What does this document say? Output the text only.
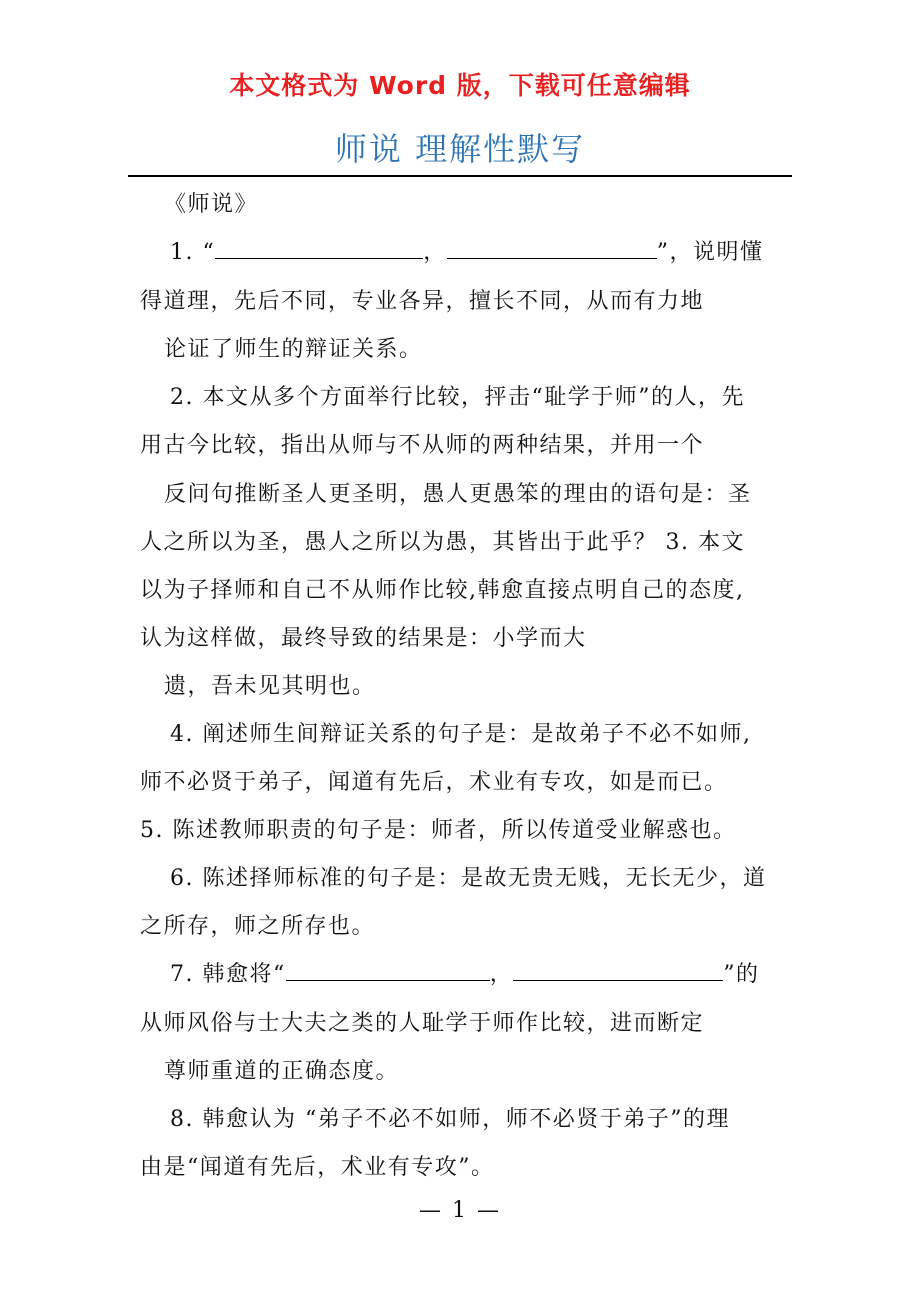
本文格式为 Word 版，下载可任意编辑
师说 理解性默写
《师说》
1. “	，	”，说明懂
得道理，先后不同，专业各异，擅长不同，从而有力地
论证了师生的辩证关系。
2. 本文从多个方面举行比较，抨击“耻学于师”的人，先
用古今比较，指出从师与不从师的两种结果，并用一个
反问句推断圣人更圣明，愚人更愚笨的理由的语句是：圣
人之所以为圣，愚人之所以为愚，其皆出于此乎？ 3. 本文
以为子择师和自己不从师作比较,韩愈直接点明自己的态度,
认为这样做，最终导致的结果是：小学而大
遗，吾未见其明也。
4. 阐述师生间辩证关系的句子是：是故弟子不必不如师,
师不必贤于弟子，闻道有先后，术业有专攻，如是而已。
5. 陈述教师职责的句子是：师者，所以传道受业解惑也。
6. 陈述择师标准的句子是：是故无贵无贱，无长无少，道
之所存，师之所存也。
7. 韩愈将“	，	”的
从师风俗与士大夫之类的人耻学于师作比较，进而断定
尊师重道的正确态度。
8. 韩愈认为 “弟子不必不如师，师不必贤于弟子”的理
由是“闻道有先后，术业有专攻”。
— 1 —
